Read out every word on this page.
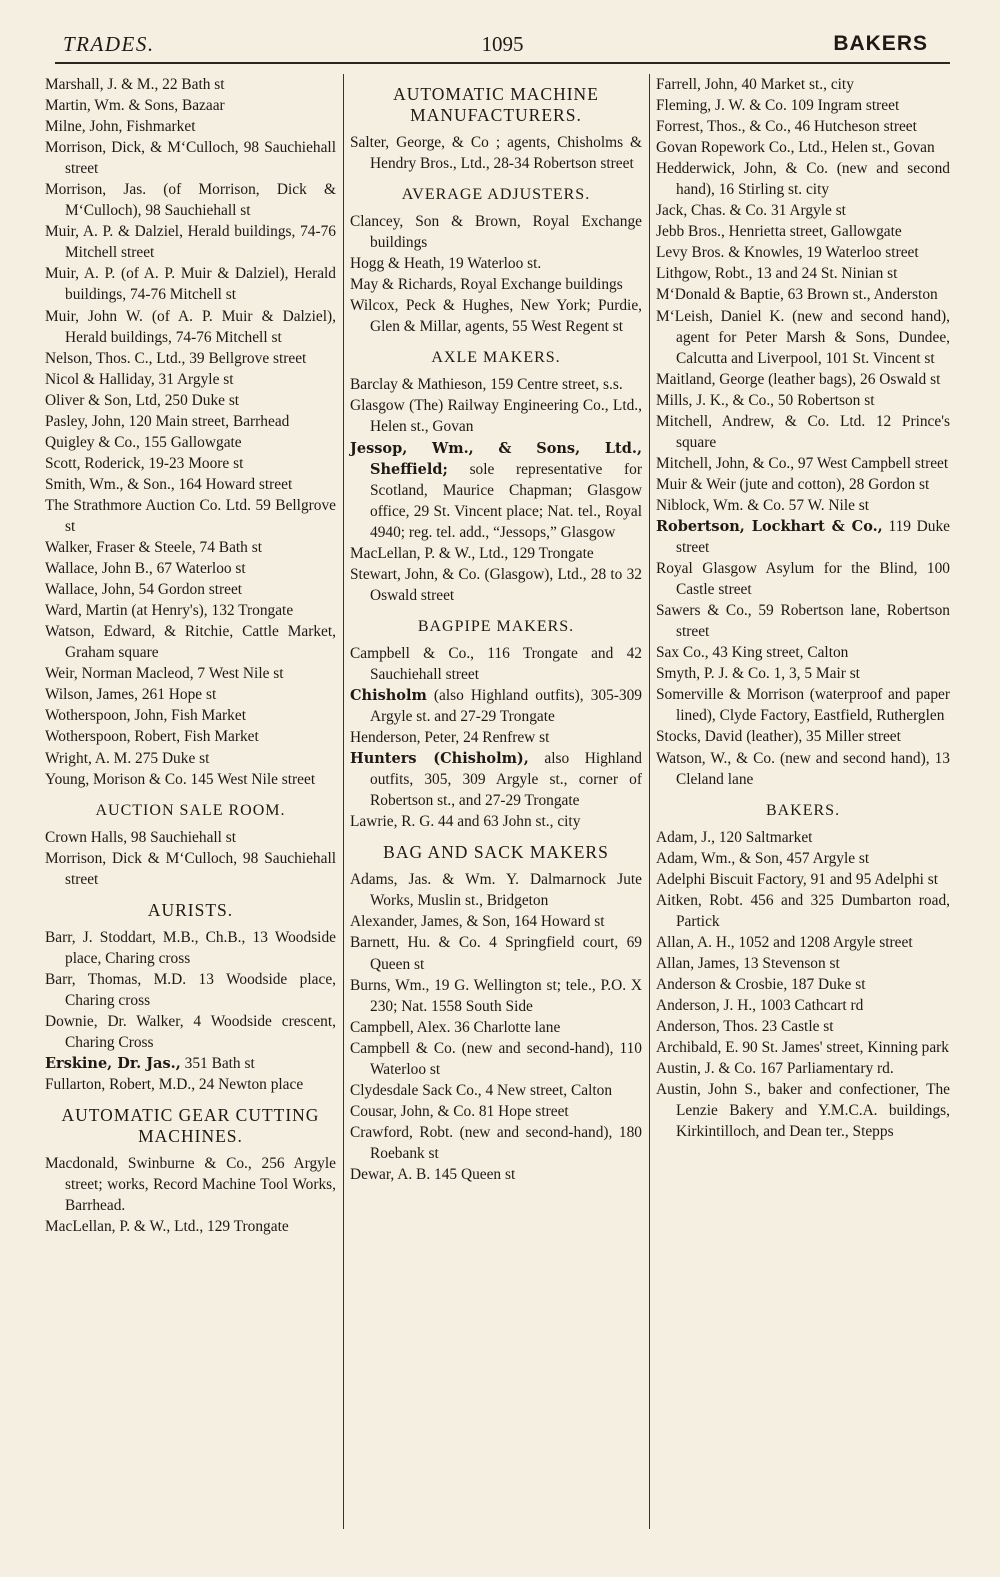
TRADES.	1095	BAKERS

Marshall, J. & M., 22 Bath st

Martin, Wm. & Sons, Bazaar

Milne, John, Fishmarket

Morrison, Dick, & M‘Culloch, 98 Sauchiehall street

Morrison, Jas. (of Morrison, Dick & M‘Culloch), 98 Sauchiehall st

Muir, A. P. & Dalziel, Herald buildings, 74-76 Mitchell street

Muir, A. P. (of A. P. Muir & Dalziel), Herald buildings, 74-76 Mitchell st

Muir, John W. (of A. P. Muir & Dalziel), Herald buildings, 74-76 Mitchell st

Nelson, Thos. C., Ltd., 39 Bellgrove street

Nicol & Halliday, 31 Argyle st

Oliver & Son, Ltd, 250 Duke st

Pasley, John, 120 Main street, Barrhead

Quigley & Co., 155 Gallowgate

Scott, Roderick, 19-23 Moore st

Smith, Wm., & Son., 164 Howard street

The Strathmore Auction Co. Ltd. 59 Bellgrove st

Walker, Fraser & Steele, 74 Bath st

Wallace, John B., 67 Waterloo st

Wallace, John, 54 Gordon street

Ward, Martin (at Henry's), 132 Trongate

Watson, Edward, & Ritchie, Cattle Market, Graham square

Weir, Norman Macleod, 7 West Nile st

Wilson, James, 261 Hope st

Wotherspoon, John, Fish Market

Wotherspoon, Robert, Fish Market

Wright, A. M. 275 Duke st

Young, Morison & Co. 145 West Nile street

AUCTION SALE ROOM.

Crown Halls, 98 Sauchiehall st

Morrison, Dick & M‘Culloch, 98 Sauchiehall street

AURISTS.

Barr, J. Stoddart, M.B., Ch.B., 13 Woodside place, Charing cross

Barr, Thomas, M.D. 13 Woodside place, Charing cross

Downie, Dr. Walker, 4 Woodside crescent, Charing Cross

Erskine, Dr. Jas., 351 Bath st

Fullarton, Robert, M.D., 24 Newton place

AUTOMATIC GEAR CUTTING MACHINES.

Macdonald, Swinburne & Co., 256 Argyle street; works, Record Machine Tool Works, Barrhead.

MacLellan, P. & W., Ltd., 129 Trongate

AUTOMATIC MACHINE MANUFACTURERS.

Salter, George, & Co ; agents, Chisholms & Hendry Bros., Ltd., 28-34 Robertson street

AVERAGE ADJUSTERS.

Clancey, Son & Brown, Royal Exchange buildings

Hogg & Heath, 19 Waterloo st.

May & Richards, Royal Exchange buildings

Wilcox, Peck & Hughes, New York; Purdie, Glen & Millar, agents, 55 West Regent st

AXLE MAKERS.

Barclay & Mathieson, 159 Centre street, s.s.

Glasgow (The) Railway Engineering Co., Ltd., Helen st., Govan

Jessop, Wm., & Sons, Ltd., Sheffield; sole representative for Scotland, Maurice Chapman; Glasgow office, 29 St. Vincent place; Nat. tel., Royal 4940; reg. tel. add., “Jessops,” Glasgow

MacLellan, P. & W., Ltd., 129 Trongate

Stewart, John, & Co. (Glasgow), Ltd., 28 to 32 Oswald street

BAGPIPE MAKERS.

Campbell & Co., 116 Trongate and 42 Sauchiehall street

Chisholm (also Highland outfits), 305-309 Argyle st. and 27-29 Trongate

Henderson, Peter, 24 Renfrew st

Hunters (Chisholm), also Highland outfits, 305, 309 Argyle st., corner of Robertson st., and 27-29 Trongate

Lawrie, R. G. 44 and 63 John st., city

BAG AND SACK MAKERS

Adams, Jas. & Wm. Y. Dalmarnock Jute Works, Muslin st., Bridgeton

Alexander, James, & Son, 164 Howard st

Barnett, Hu. & Co. 4 Springfield court, 69 Queen st

Burns, Wm., 19 G. Wellington st; tele., P.O. X 230; Nat. 1558 South Side

Campbell, Alex. 36 Charlotte lane

Campbell & Co. (new and second-hand), 110 Waterloo st

Clydesdale Sack Co., 4 New street, Calton

Cousar, John, & Co. 81 Hope street

Crawford, Robt. (new and second-hand), 180 Roebank st

Dewar, A. B. 145 Queen st

Farrell, John, 40 Market st., city

Fleming, J. W. & Co. 109 Ingram street

Forrest, Thos., & Co., 46 Hutcheson street

Govan Ropework Co., Ltd., Helen st., Govan

Hedderwick, John, & Co. (new and second hand), 16 Stirling st. city

Jack, Chas. & Co. 31 Argyle st

Jebb Bros., Henrietta street, Gallowgate

Levy Bros. & Knowles, 19 Waterloo street

Lithgow, Robt., 13 and 24 St. Ninian st

M‘Donald & Baptie, 63 Brown st., Anderston

M‘Leish, Daniel K. (new and second hand), agent for Peter Marsh & Sons, Dundee, Calcutta and Liverpool, 101 St. Vincent st

Maitland, George (leather bags), 26 Oswald st

Mills, J. K., & Co., 50 Robertson st

Mitchell, Andrew, & Co. Ltd. 12 Prince's square

Mitchell, John, & Co., 97 West Campbell street

Muir & Weir (jute and cotton), 28 Gordon st

Niblock, Wm. & Co. 57 W. Nile st

Robertson, Lockhart & Co., 119 Duke street

Royal Glasgow Asylum for the Blind, 100 Castle street

Sawers & Co., 59 Robertson lane, Robertson street

Sax Co., 43 King street, Calton

Smyth, P. J. & Co. 1, 3, 5 Mair st

Somerville & Morrison (waterproof and paper lined), Clyde Factory, Eastfield, Rutherglen

Stocks, David (leather), 35 Miller street

Watson, W., & Co. (new and second hand), 13 Cleland lane

BAKERS.

Adam, J., 120 Saltmarket

Adam, Wm., & Son, 457 Argyle st

Adelphi Biscuit Factory, 91 and 95 Adelphi st

Aitken, Robt. 456 and 325 Dumbarton road, Partick

Allan, A. H., 1052 and 1208 Argyle street

Allan, James, 13 Stevenson st

Anderson & Crosbie, 187 Duke st

Anderson, J. H., 1003 Cathcart rd

Anderson, Thos. 23 Castle st

Archibald, E. 90 St. James' street, Kinning park

Austin, J. & Co. 167 Parliamentary rd.

Austin, John S., baker and confectioner, The Lenzie Bakery and Y.M.C.A. buildings, Kirkintilloch, and Dean ter., Stepps
